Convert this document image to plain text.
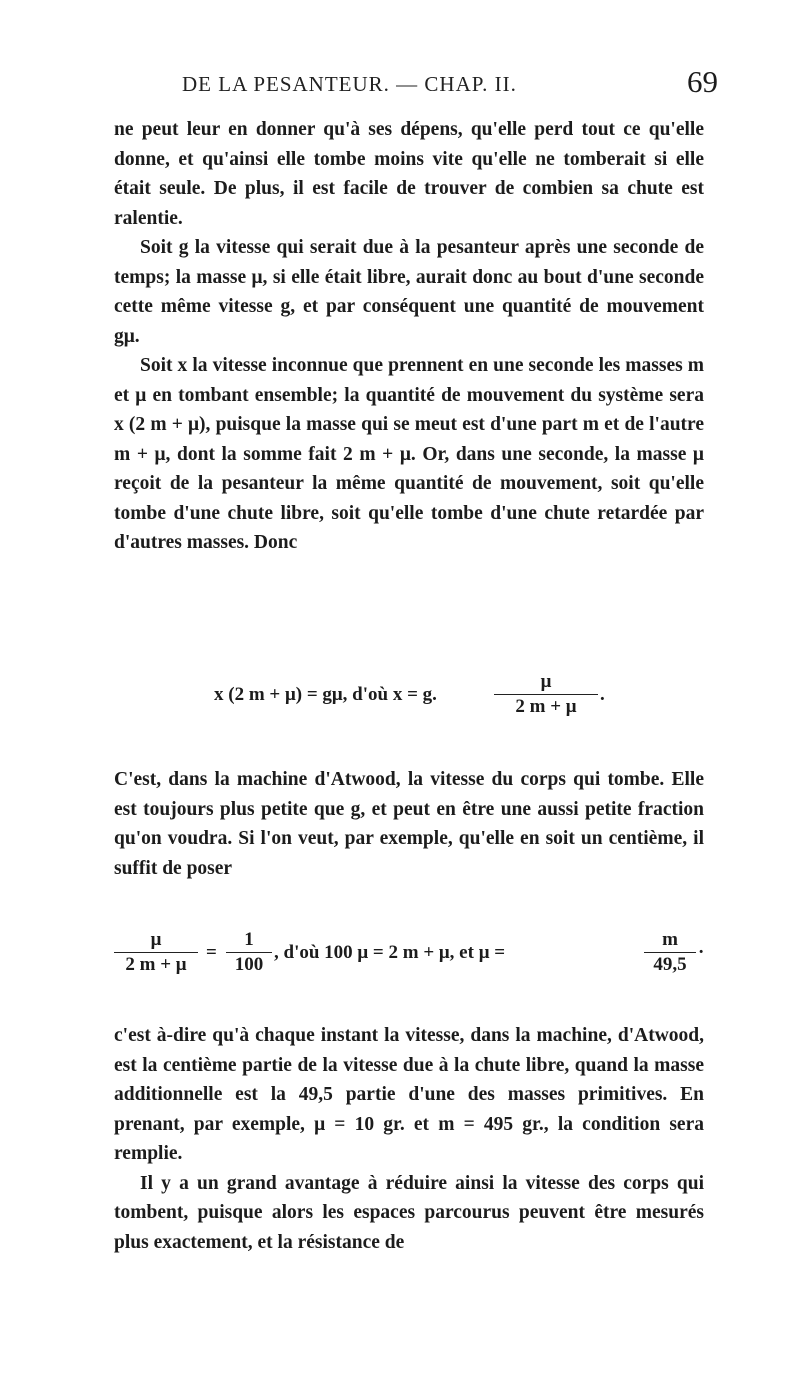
DE LA PESANTEUR. — CHAP. II.	69

ne peut leur en donner qu'à ses dépens, qu'elle perd tout ce qu'elle donne, et qu'ainsi elle tombe moins vite qu'elle ne tomberait si elle était seule. De plus, il est facile de trouver de combien sa chute est ralentie.

Soit g la vitesse qui serait due à la pesanteur après une seconde de temps; la masse μ, si elle était libre, aurait donc au bout d'une seconde cette même vitesse g, et par conséquent une quantité de mouvement gμ.

Soit x la vitesse inconnue que prennent en une seconde les masses m et μ en tombant ensemble; la quantité de mouvement du système sera x (2 m + μ), puisque la masse qui se meut est d'une part m et de l'autre m + μ, dont la somme fait 2 m + μ. Or, dans une seconde, la masse μ reçoit de la pesanteur la même quantité de mouvement, soit qu'elle tombe d'une chute libre, soit qu'elle tombe d'une chute retardée par d'autres masses. Donc

x (2 m + μ) = gμ, d'où x = g.	$\frac{\mu}{2 m + \mu}$ .

C'est, dans la machine d'Atwood, la vitesse du corps qui tombe. Elle est toujours plus petite que g, et peut en être une aussi petite fraction qu'on voudra. Si l'on veut, par exemple, qu'elle en soit un centième, il suffit de poser

$\frac{\mu}{2 m + \mu} = \frac{1}{100}$ , d'où 100 μ = 2 m + μ, et μ =	$\frac{m}{49,5}$ ·

c'est à-dire qu'à chaque instant la vitesse, dans la machine, d'Atwood, est la centième partie de la vitesse due à la chute libre, quand la masse additionnelle est la 49,5 partie d'une des masses primitives. En prenant, par exemple, μ = 10 gr. et m = 495 gr., la condition sera remplie.

Il y a un grand avantage à réduire ainsi la vitesse des corps qui tombent, puisque alors les espaces parcourus peuvent être mesurés plus exactement, et la résistance de
